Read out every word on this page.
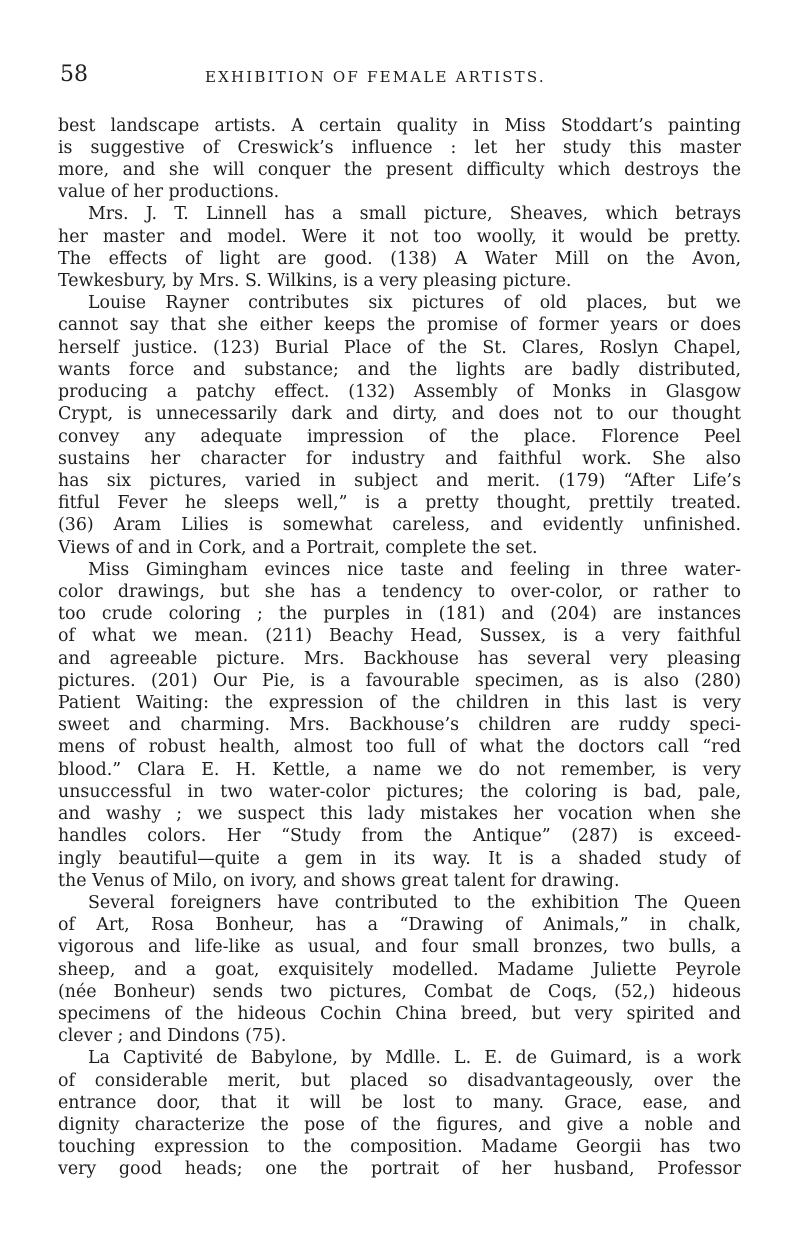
58	EXHIBITION OF FEMALE ARTISTS.
best landscape artists. A certain quality in Miss Stoddart’s painting
is suggestive of Creswick’s influence : let her study this master
more, and she will conquer the present difficulty which destroys the
value of her productions.
Mrs. J. T. Linnell has a small picture, Sheaves, which betrays
her master and model. Were it not too woolly, it would be pretty.
The effects of light are good. (138) A Water Mill on the Avon,
Tewkesbury, by Mrs. S. Wilkins, is a very pleasing picture.
Louise Rayner contributes six pictures of old places, but we
cannot say that she either keeps the promise of former years or does
herself justice. (123) Burial Place of the St. Clares, Roslyn Chapel,
wants force and substance; and the lights are badly distributed,
producing a patchy effect. (132) Assembly of Monks in Glasgow
Crypt, is unnecessarily dark and dirty, and does not to our thought
convey any adequate impression of the place. Florence Peel
sustains her character for industry and faithful work. She also
has six pictures, varied in subject and merit. (179) “After Life’s
fitful Fever he sleeps well,” is a pretty thought, prettily treated.
(36) Aram Lilies is somewhat careless, and evidently unfinished.
Views of and in Cork, and a Portrait, complete the set.
Miss Gimingham evinces nice taste and feeling in three water-
color drawings, but she has a tendency to over-color, or rather to
too crude coloring ; the purples in (181) and (204) are instances
of what we mean. (211) Beachy Head, Sussex, is a very faithful
and agreeable picture. Mrs. Backhouse has several very pleasing
pictures. (201) Our Pie, is a favourable specimen, as is also (280)
Patient Waiting: the expression of the children in this last is very
sweet and charming. Mrs. Backhouse’s children are ruddy speci-
mens of robust health, almost too full of what the doctors call “red
blood.” Clara E. H. Kettle, a name we do not remember, is very
unsuccessful in two water-color pictures; the coloring is bad, pale,
and washy ; we suspect this lady mistakes her vocation when she
handles colors. Her “Study from the Antique” (287) is exceed-
ingly beautiful—quite a gem in its way. It is a shaded study of
the Venus of Milo, on ivory, and shows great talent for drawing.
Several foreigners have contributed to the exhibition The Queen
of Art, Rosa Bonheur, has a “Drawing of Animals,” in chalk,
vigorous and life-like as usual, and four small bronzes, two bulls, a
sheep, and a goat, exquisitely modelled. Madame Juliette Peyrole
(née Bonheur) sends two pictures, Combat de Coqs, (52,) hideous
specimens of the hideous Cochin China breed, but very spirited and
clever ; and Dindons (75).
La Captivité de Babylone, by Mdlle. L. E. de Guimard, is a work
of considerable merit, but placed so disadvantageously, over the
entrance door, that it will be lost to many. Grace, ease, and
dignity characterize the pose of the figures, and give a noble and
touching expression to the composition. Madame Georgii has two
very good heads; one the portrait of her husband, Professor
